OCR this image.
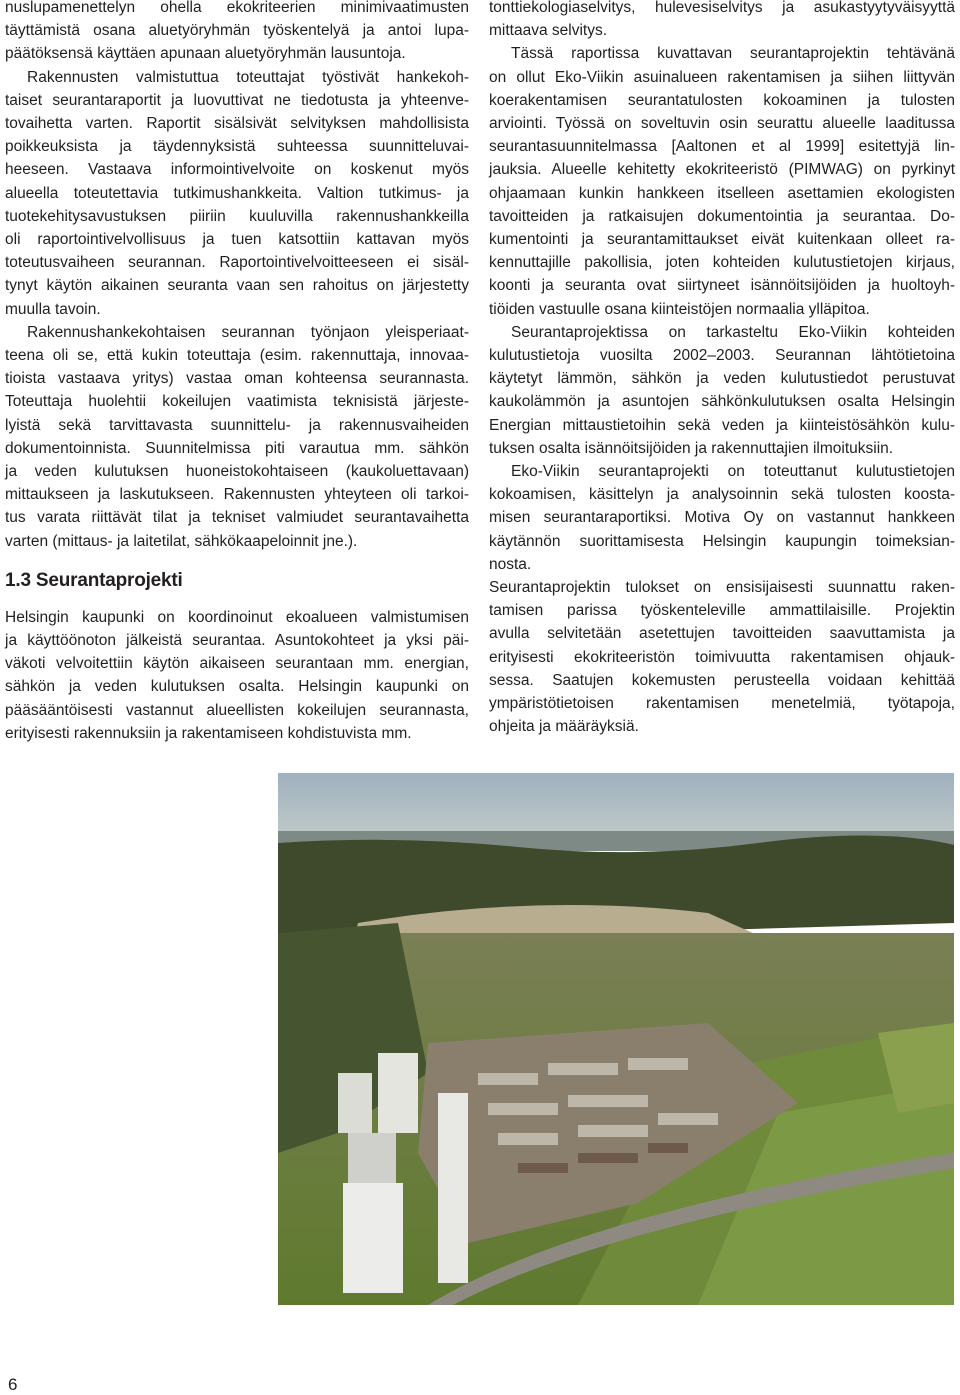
nuslupamenettelyn ohella ekokriteerien minimivaatimusten
täyttämistä osana aluetyöryhmän työskentelyä ja antoi lupa-
päätöksensä käyttäen apunaan aluetyöryhmän lausuntoja.
Rakennusten valmistuttua toteuttajat työstivät hankekoh-
taiset seurantaraportit ja luovuttivat ne tiedotusta ja yhteenve-
tovaihetta varten. Raportit sisälsivät selvityksen mahdollisista
poikkeuksista ja täydennyksistä suhteessa suunnitteluvai-
heeseen. Vastaava informointivelvoite on koskenut myös
alueella toteutettavia tutkimushankkeita. Valtion tutkimus- ja
tuotekehitysavustuksen piiriin kuuluvilla rakennushankkeilla
oli raportointivelvollisuus ja tuen katsottiin kattavan myös
toteutusvaiheen seurannan. Raportointivelvoitteeseen ei sisäl-
tynyt käytön aikainen seuranta vaan sen rahoitus on järjestetty
muulla tavoin.
Rakennushankekohtaisen seurannan työnjaon yleisperiaat-
teena oli se, että kukin toteuttaja (esim. rakennuttaja, innovaa-
tioista vastaava yritys) vastaa oman kohteensa seurannasta.
Toteuttaja huolehtii kokeilujen vaatimista teknisistä järjeste-
lyistä sekä tarvittavasta suunnittelu- ja rakennusvaiheiden
dokumentoinnista. Suunnitelmissa piti varautua mm. sähkön
ja veden kulutuksen huoneistokohtaiseen (kaukoluettavaan)
mittaukseen ja laskutukseen. Rakennusten yhteyteen oli tarkoi-
tus varata riittävät tilat ja tekniset valmiudet seurantavaihetta
varten (mittaus- ja laitetilat, sähkökaapeloinnit jne.).
1.3 Seurantaprojekti
Helsingin kaupunki on koordinoinut ekoalueen valmistumisen
ja käyttöönoton jälkeistä seurantaa. Asuntokohteet ja yksi päi-
väkoti velvoitettiin käytön aikaiseen seurantaan mm. energian,
sähkön ja veden kulutuksen osalta. Helsingin kaupunki on
pääsääntöisesti vastannut alueellisten kokeilujen seurannasta,
erityisesti rakennuksiin ja rakentamiseen kohdistuvista mm.
tonttiekologiaselvitys, hulevesiselvitys ja asukastyytyväisyyttä
mittaava selvitys.
Tässä raportissa kuvattavan seurantaprojektin tehtävänä
on ollut Eko-Viikin asuinalueen rakentamisen ja siihen liittyvän
koerakentamisen seurantatulosten kokoaminen ja tulosten
arviointi. Työssä on soveltuvin osin seurattu alueelle laaditussa
seurantasuunnitelmassa [Aaltonen et al 1999] esitettyjä lin-
jauksia. Alueelle kehitetty ekokriteeristö (PIMWAG) on pyrkinyt
ohjaamaan kunkin hankkeen itselleen asettamien ekologisten
tavoitteiden ja ratkaisujen dokumentointia ja seurantaa. Do-
kumentointi ja seurantamittaukset eivät kuitenkaan olleet ra-
kennuttajille pakollisia, joten kohteiden kulutustietojen kirjaus,
koonti ja seuranta ovat siirtyneet isännöitsijöiden ja huoltoyh-
tiöiden vastuulle osana kiinteistöjen normaalia ylläpitoa.
Seurantaprojektissa on tarkasteltu Eko-Viikin kohteiden
kulutustietoja vuosilta 2002–2003. Seurannan lähtötietoina
käytetyt lämmön, sähkön ja veden kulutustiedot perustuvat
kaukolämmön ja asuntojen sähkönkulutuksen osalta Helsingin
Energian mittaustietoihin sekä veden ja kiinteistösähkön kulu-
tuksen osalta isännöitsijöiden ja rakennuttajien ilmoituksiin.
Eko-Viikin seurantaprojekti on toteuttanut kulutustietojen
kokoamisen, käsittelyn ja analysoinnin sekä tulosten koosta-
misen seurantaraportiksi. Motiva Oy on vastannut hankkeen
käytännön suorittamisesta Helsingin kaupungin toimeksian-
nosta.
Seurantaprojektin tulokset on ensisijaisesti suunnattu raken-
tamisen parissa työskenteleville ammattilaisille. Projektin
avulla selvitetään asetettujen tavoitteiden saavuttamista ja
erityisesti ekokriteeristön toimivuutta rakentamisen ohjauk-
sessa. Saatujen kokemusten perusteella voidaan kehittää
ympäristötietoisen rakentamisen menetelmiä, työtapoja,
ohjeita ja määräyksiä.
6
